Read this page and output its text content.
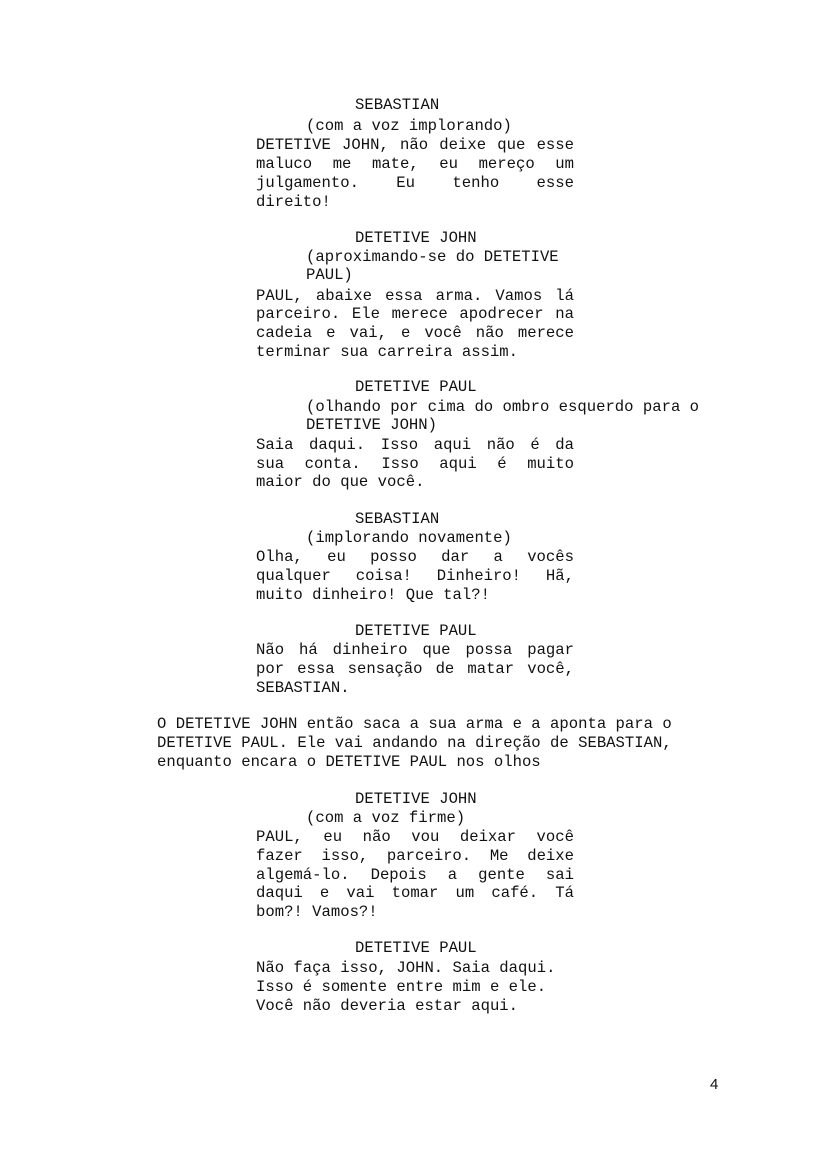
SEBASTIAN
(com a voz implorando)
DETETIVE JOHN, não deixe que esse
maluco me mate, eu mereço um
julgamento. Eu tenho esse
direito!
DETETIVE JOHN
(aproximando-se do DETETIVE
PAUL)
PAUL, abaixe essa arma. Vamos lá
parceiro. Ele merece apodrecer na
cadeia e vai, e você não merece
terminar sua carreira assim.
DETETIVE PAUL
(olhando por cima do ombro esquerdo para o
DETETIVE JOHN)
Saia daqui. Isso aqui não é da
sua conta. Isso aqui é muito
maior do que você.
SEBASTIAN
(implorando novamente)
Olha, eu posso dar a vocês
qualquer coisa! Dinheiro! Hã,
muito dinheiro! Que tal?!
DETETIVE PAUL
Não há dinheiro que possa pagar
por essa sensação de matar você,
SEBASTIAN.
O DETETIVE JOHN então saca a sua arma e a aponta para o
DETETIVE PAUL. Ele vai andando na direção de SEBASTIAN,
enquanto encara o DETETIVE PAUL nos olhos
DETETIVE JOHN
(com a voz firme)
PAUL, eu não vou deixar você
fazer isso, parceiro. Me deixe
algemá-lo. Depois a gente sai
daqui e vai tomar um café. Tá
bom?! Vamos?!
DETETIVE PAUL
Não faça isso, JOHN. Saia daqui.
Isso é somente entre mim e ele.
Você não deveria estar aqui.
4
